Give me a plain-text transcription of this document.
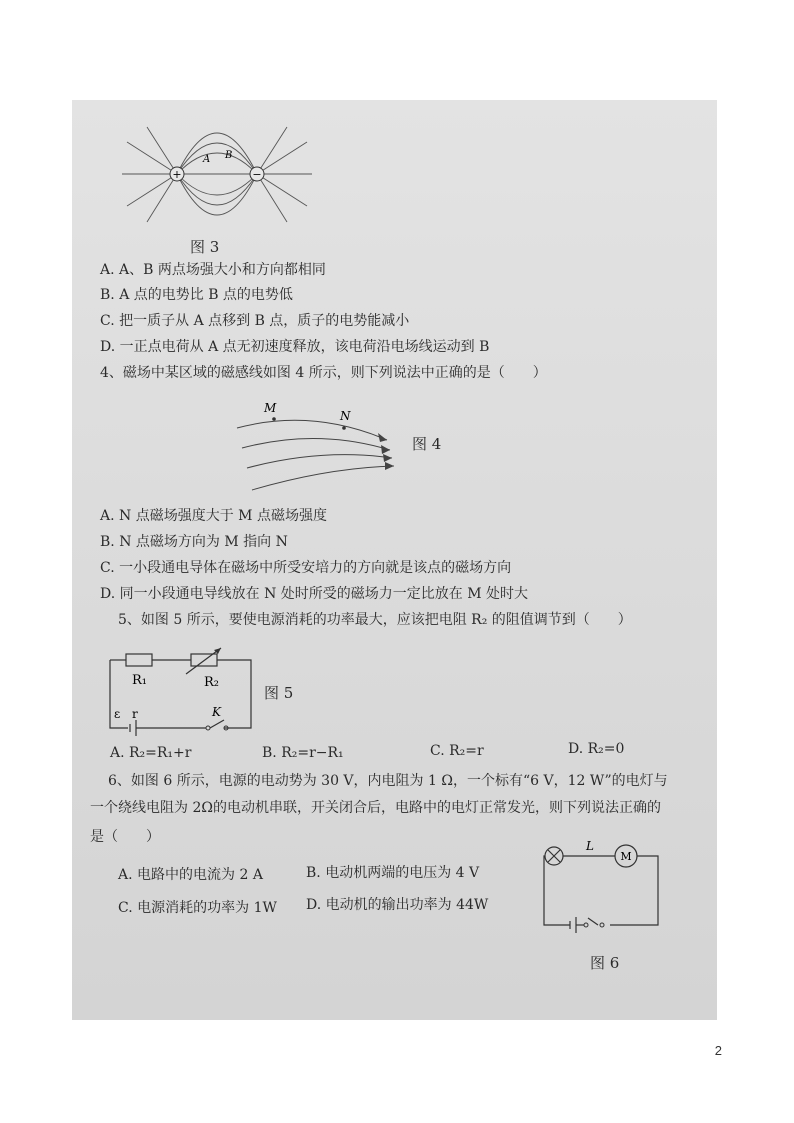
+	−
A B
图 3
A. A、B 两点场强大小和方向都相同
B. A 点的电势比 B 点的电势低
C. 把一质子从 A 点移到 B 点，质子的电势能减小
D. 一正点电荷从 A 点无初速度释放，该电荷沿电场线运动到 B
4、磁场中某区域的磁感线如图 4 所示，则下列说法中正确的是（　　）
M
N
图 4
A. N 点磁场强度大于 M 点磁场强度
B. N 点磁场方向为 M 指向 N
C. 一小段通电导体在磁场中所受安培力的方向就是该点的磁场方向
D. 同一小段通电导线放在 N 处时所受的磁场力一定比放在 M 处时大
5、如图 5 所示，要使电源消耗的功率最大，应该把电阻 R₂ 的阻值调节到（　　）
R₁	R₂
ε r	K
图 5
A. R₂=R₁+r	B. R₂=r−R₁	C. R₂=r	D. R₂=0
6、如图 6 所示，电源的电动势为 30 V，内电阻为 1 Ω，一个标有“6 V，12 W”的电灯与
一个绕线电阻为 2Ω的电动机串联，开关闭合后，电路中的电灯正常发光，则下列说法正确的
是（　　）
A. 电路中的电流为 2 A	B. 电动机两端的电压为 4 V
C. 电源消耗的功率为 1W D. 电动机的输出功率为 44W
L
M
图 6
2
